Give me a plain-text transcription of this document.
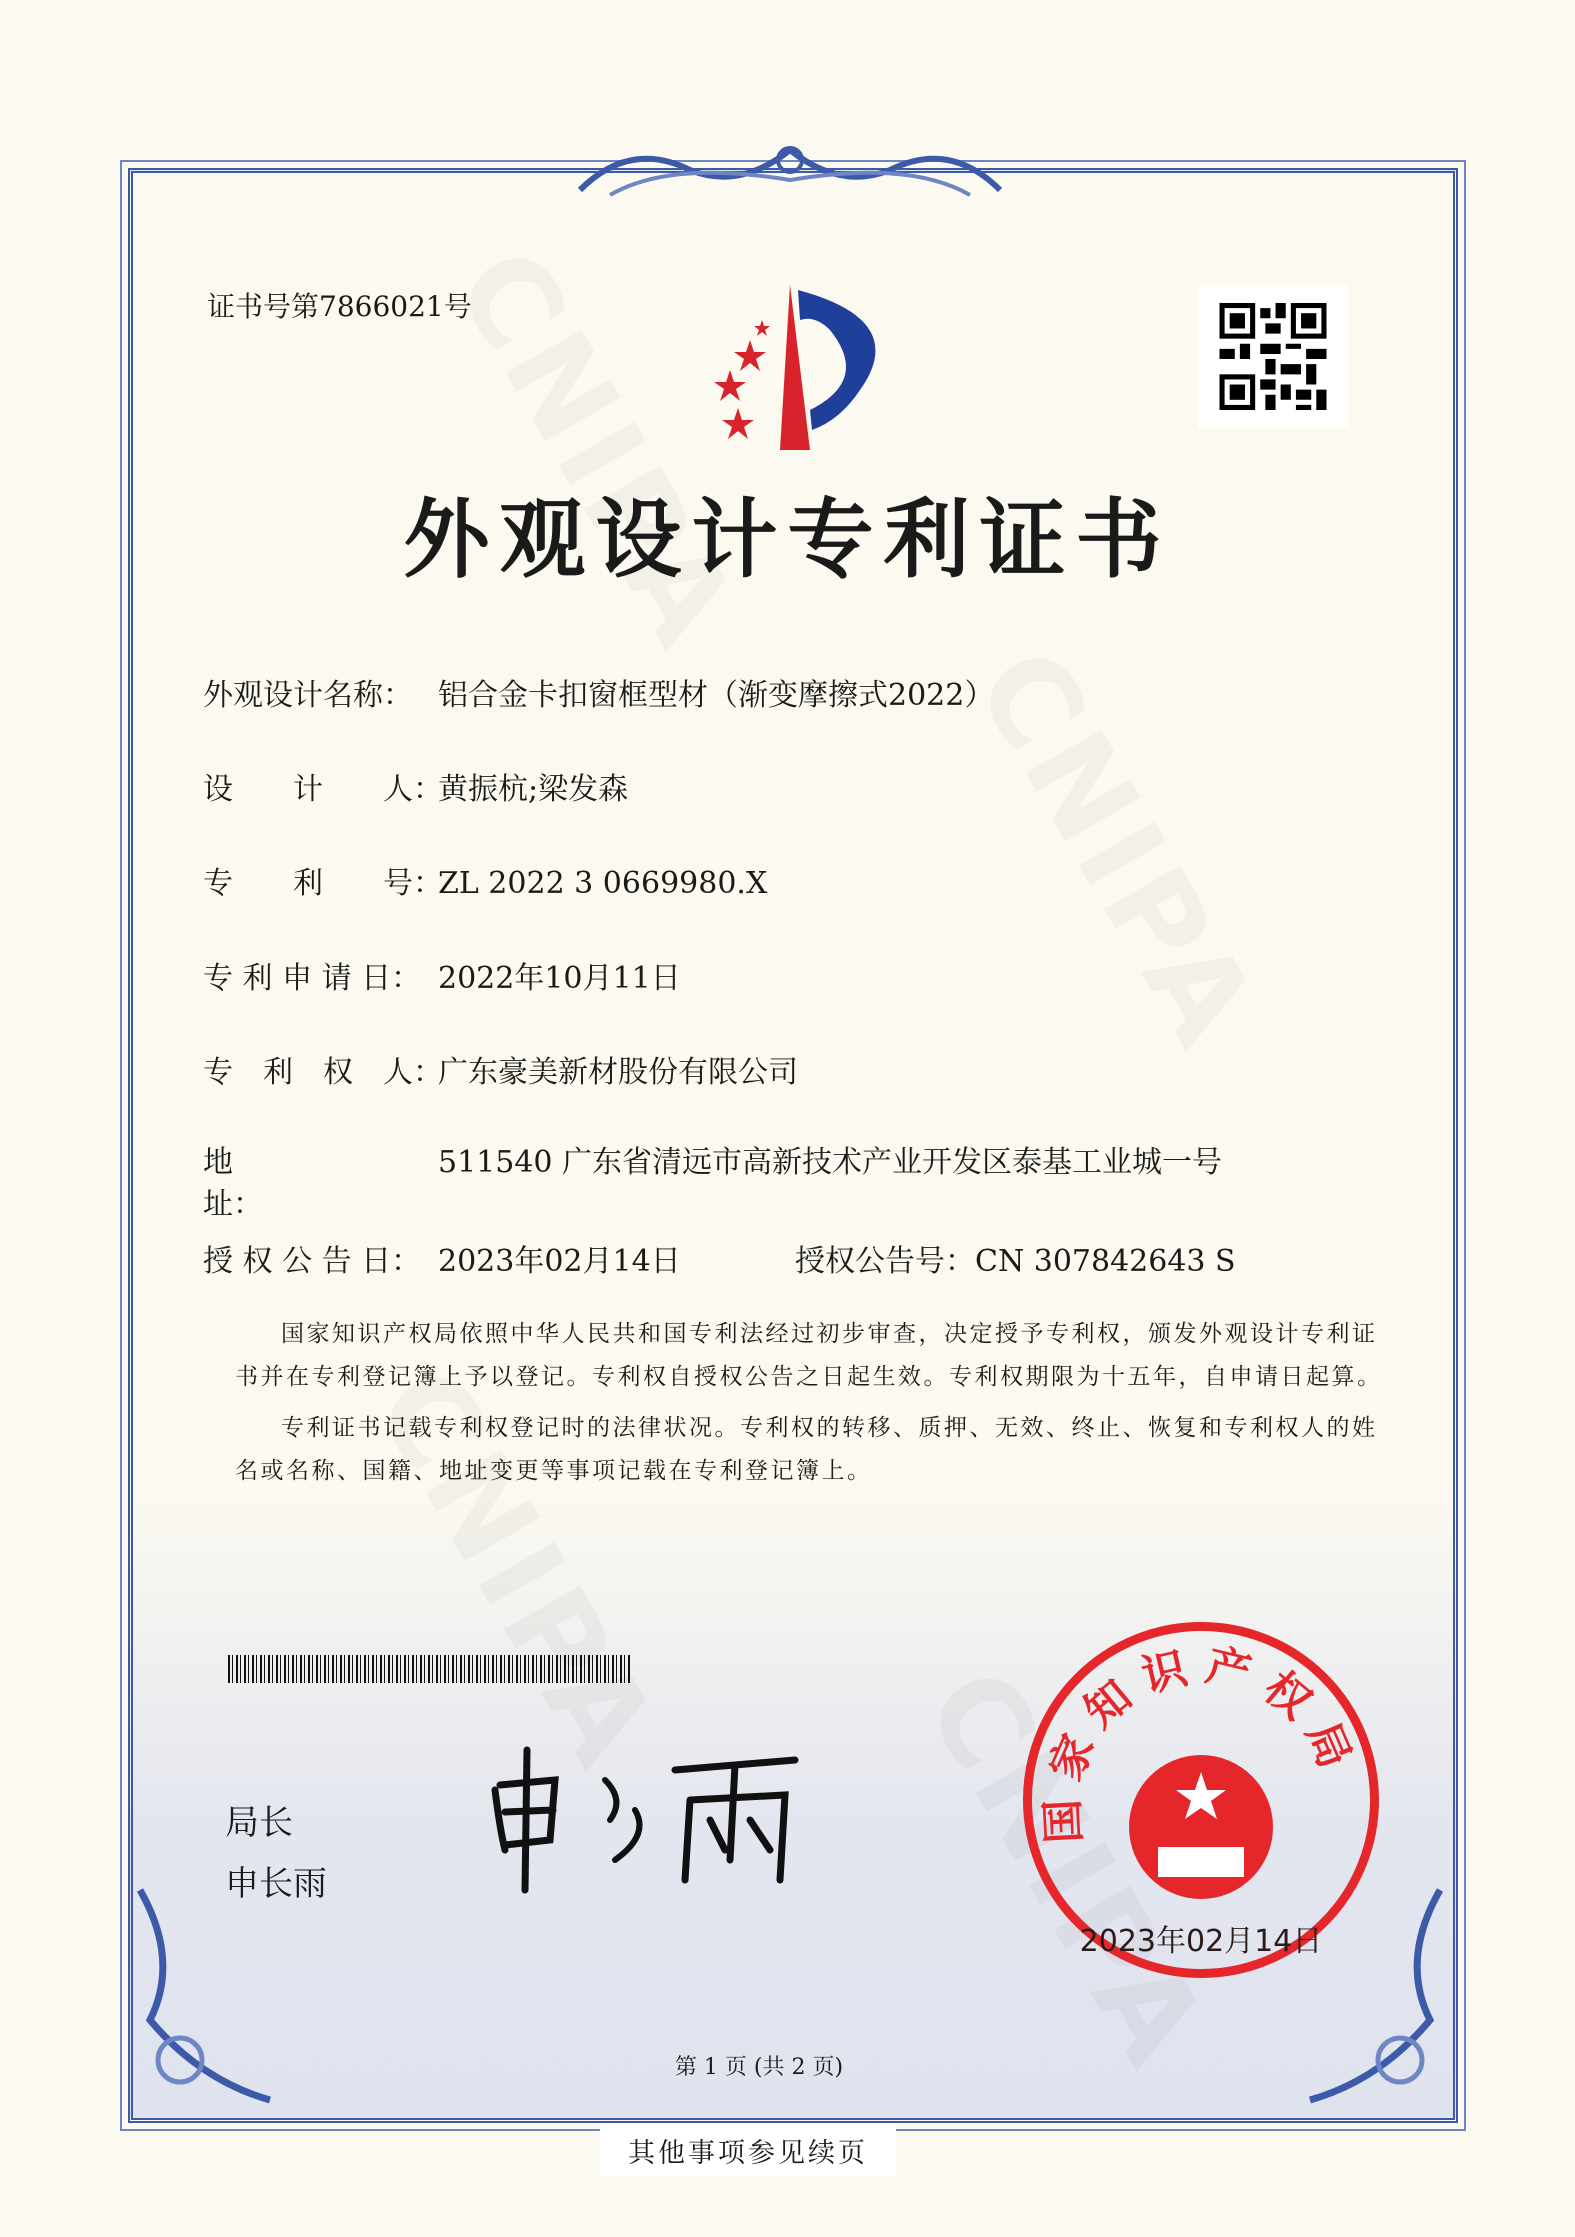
证书号第7866021号
外观设计专利证书
外观设计名称： 铝合金卡扣窗框型材（渐变摩擦式2022）
设　　计　　人：黄振杭;梁发森
专　　利　　号：ZL 2022 3 0669980.X
专 利 申 请 日： 2022年10月11日
专　利　权　人：广东豪美新材股份有限公司
地　　　　　址：
511540 广东省清远市高新技术产业开发区泰基工业城一号
授 权 公 告 日： 2023年02月14日	授权公告号：CN 307842643 S

国家知识产权局依照中华人民共和国专利法经过初步审查，决定授予专利权，颁发外观设计专利证书并在专利登记簿上予以登记。专利权自授权公告之日起生效。专利权期限为十五年，自申请日起算。

专利证书记载专利权登记时的法律状况。专利权的转移、质押、无效、终止、恢复和专利权人的姓名或名称、国籍、地址变更等事项记载在专利登记簿上。

局长
申长雨
国家知识产权局
2023年02月14日
第 1 页 (共 2 页)
其他事项参见续页
